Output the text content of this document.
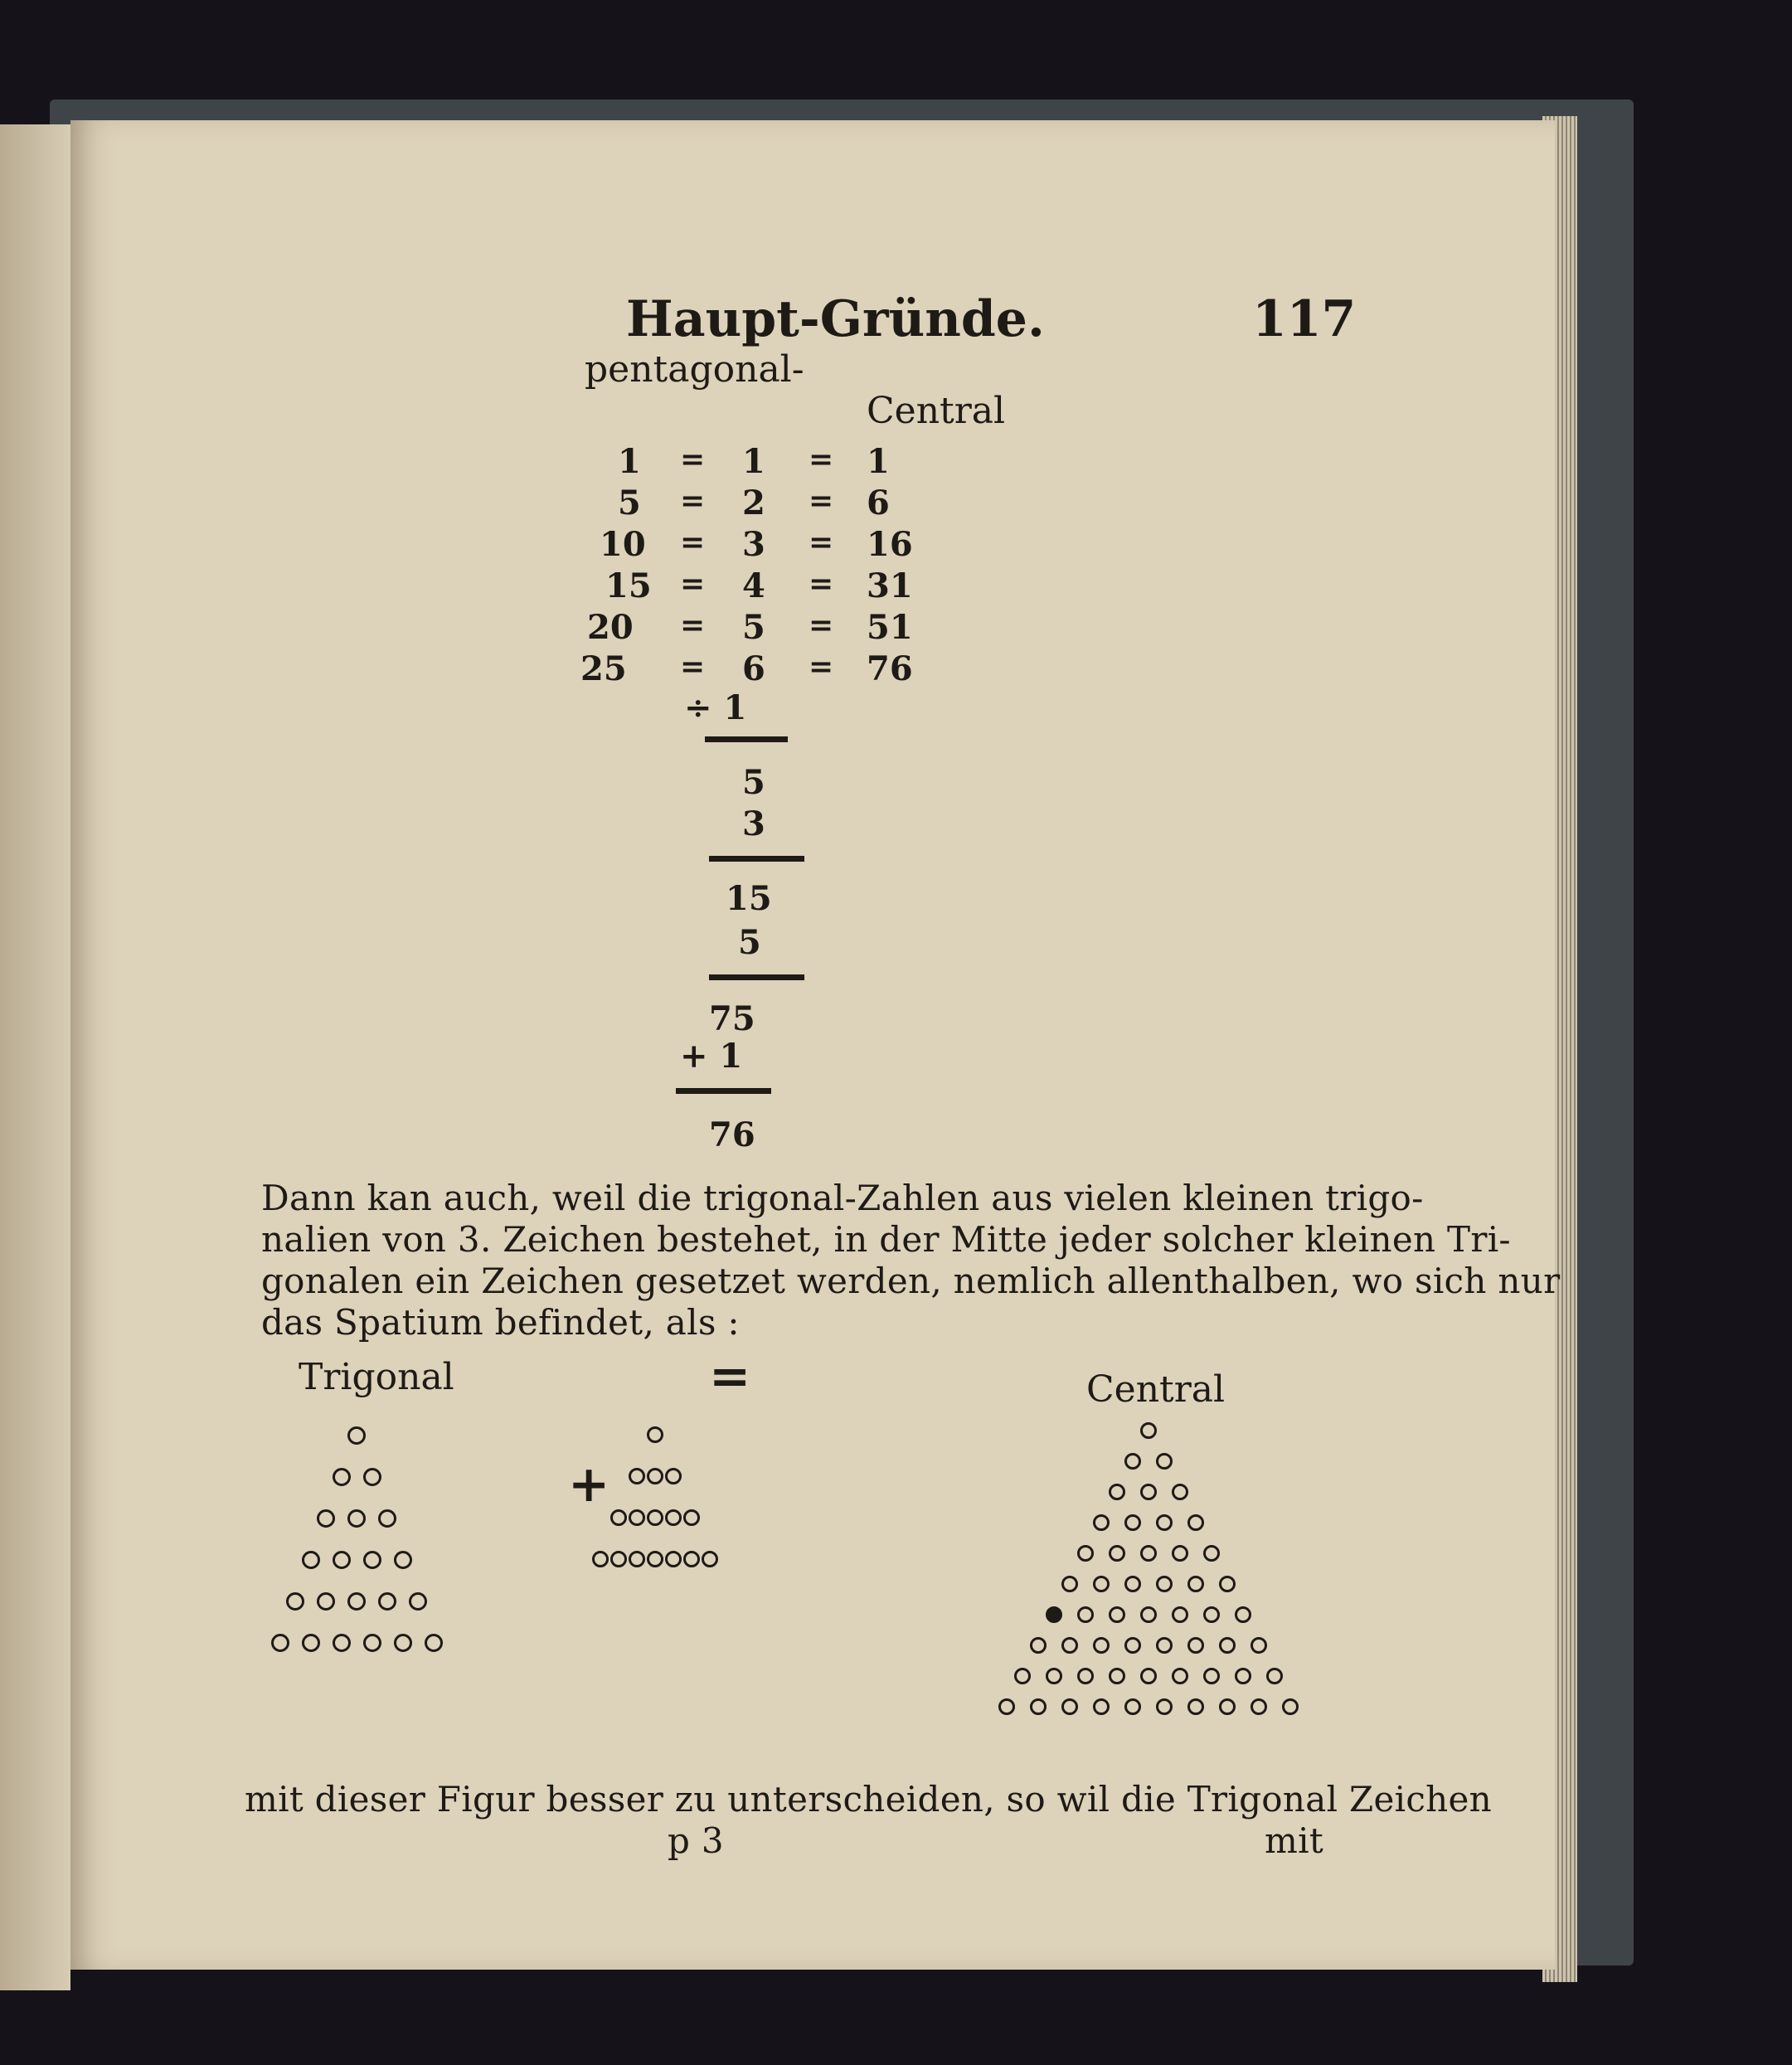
Haupt-Gründe.	117
pentagonal-
Central
1 = 1 = 1
5 = 2 = 6
10 = 3 = 16
15 = 4 = 31
20 = 5 = 51
25 = 6 = 76
÷ 1
5
3
15
5
75
+ 1
76
Dann kan auch, weil die trigonal-Zahlen aus vielen kleinen trigo-
nalien von 3. Zeichen bestehet, in der Mitte jeder solcher kleinen Tri-
gonalen ein Zeichen gesetzet werden, nemlich allenthalben, wo sich nur
das Spatium befindet, als :
Trigonal	=	Central
+
mit dieser Figur besser zu unterscheiden, so wil die Trigonal Zeichen
mit
p 3
